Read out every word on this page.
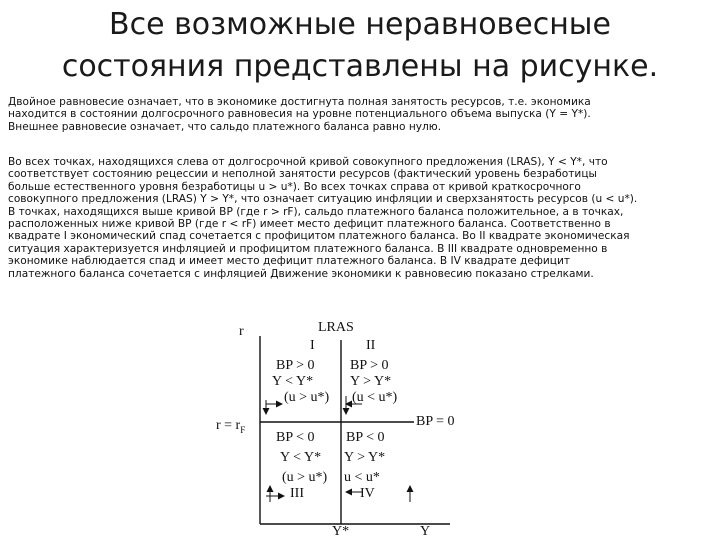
Все возможные неравновесные
состояния представлены на рисунке.
Двойное равновесие означает, что в экономике достигнута полная занятость ресурсов, т.е. экономика
находится в состоянии долгосрочного равновесия на уровне потенциального объема выпуска (Y = Y*).
Внешнее равновесие означает, что сальдо платежного баланса равно нулю.
Во всех точках, находящихся слева от долгосрочной кривой совокупного предложения (LRAS), Y < Y*, что
соответствует состоянию рецессии и неполной занятости ресурсов (фактический уровень безработицы
больше естественного уровня безработицы u > u*). Во всех точках справа от кривой краткосрочного
совокупного предложения (LRAS) Y > Y*, что означает ситуацию инфляции и сверхзанятость ресурсов (u < u*).
В точках, находящихся выше кривой BP (где r > rF), сальдо платежного баланса положительное, а в точках,
расположенных ниже кривой BP (где r < rF) имеет место дефицит платежного баланса. Соответственно в
квадрате I экономический спад сочетается с профицитом платежного баланса. Во II квадрате экономическая
ситуация характеризуется инфляцией и профицитом платежного баланса. В III квадрате одновременно в
экономике наблюдается спад и имеет место дефицит платежного баланса. В IV квадрате дефицит
платежного баланса сочетается с инфляцией Движение экономики к равновесию показано стрелками.
r	LRAS
$r = r_F$
BP = 0
I
BP > 0
Y < Y*
(u > u*)
II
BP > 0
Y > Y*
(u < u*)
BP < 0
Y < Y*
(u > u*)
III
BP < 0
Y > Y*
u < u*
IV
Y*	Y
